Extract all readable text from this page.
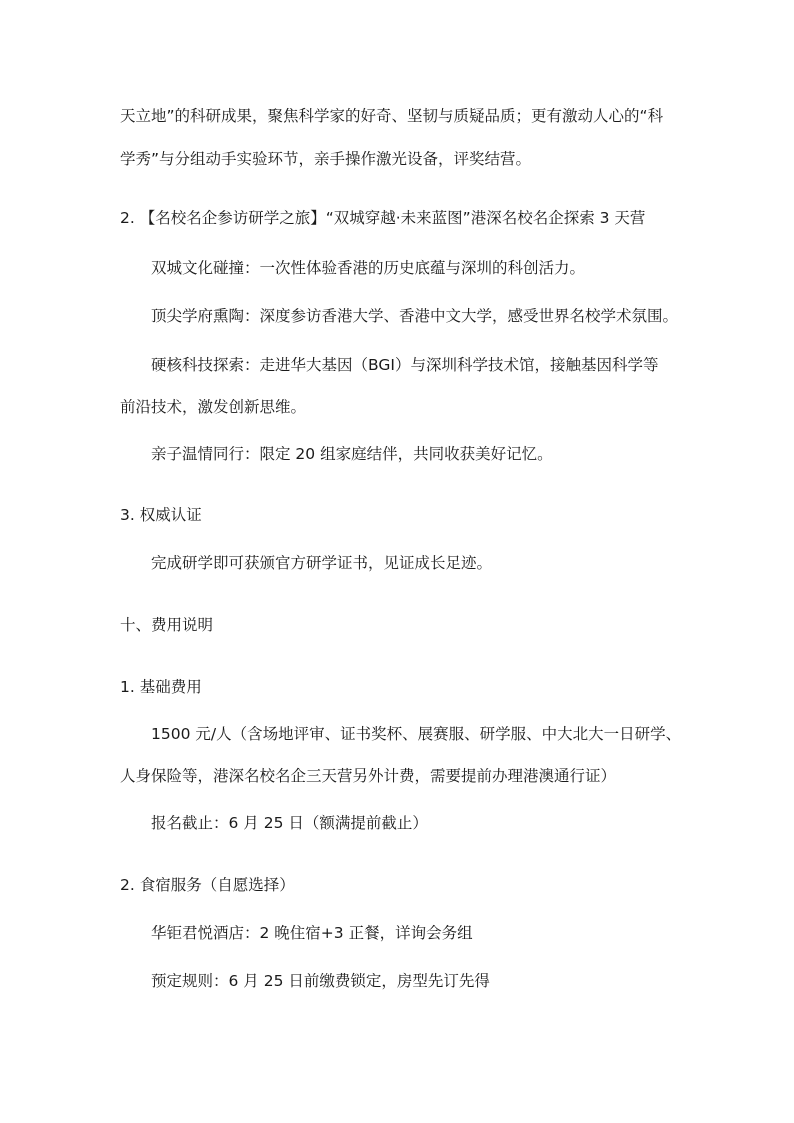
天立地”的科研成果，聚焦科学家的好奇、坚韧与质疑品质；更有激动人心的“科
学秀”与分组动手实验环节，亲手操作激光设备，评奖结营。
2. 【名校名企参访研学之旅】“双城穿越·未来蓝图”港深名校名企探索 3 天营
双城文化碰撞：一次性体验香港的历史底蕴与深圳的科创活力。
顶尖学府熏陶：深度参访香港大学、香港中文大学，感受世界名校学术氛围。
硬核科技探索：走进华大基因（BGI）与深圳科学技术馆，接触基因科学等
前沿技术，激发创新思维。
亲子温情同行：限定 20 组家庭结伴，共同收获美好记忆。
3. 权威认证
完成研学即可获颁官方研学证书，见证成长足迹。
十、费用说明
1. 基础费用
1500 元/人（含场地评审、证书奖杯、展赛服、研学服、中大北大一日研学、
人身保险等，港深名校名企三天营另外计费，需要提前办理港澳通行证）
报名截止：6 月 25 日（额满提前截止）
2. 食宿服务（自愿选择）
华钜君悦酒店：2 晚住宿+3 正餐，详询会务组
预定规则：6 月 25 日前缴费锁定，房型先订先得
